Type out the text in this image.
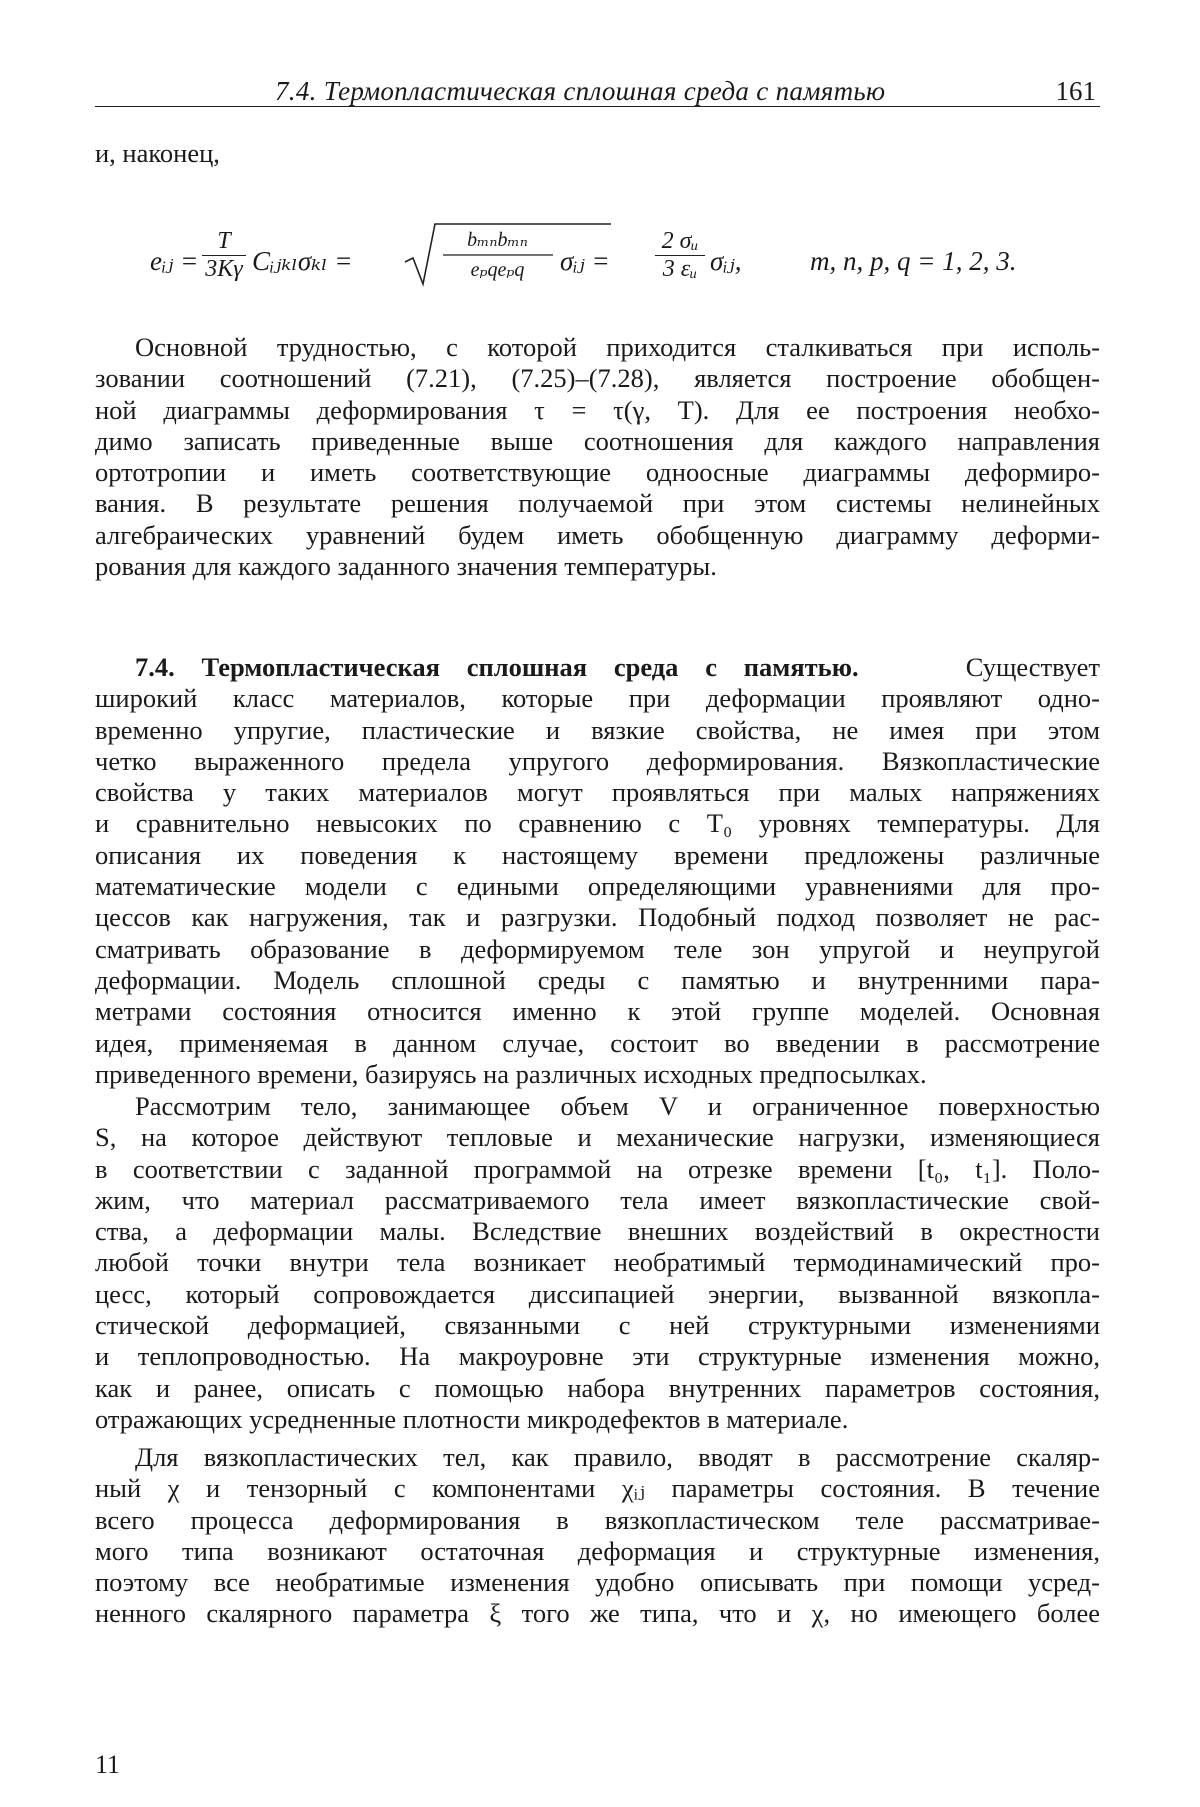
7.4. Термопластическая сплошная среда с памятью	161

и, наконец,

eᵢⱼ = $\frac{T}{3K\gamma}$ Cᵢⱼₖₗσₖₗ =
bₘₙbₘₙ
eₚqeₚq	σᵢⱼ = $\frac{\text{2 σᵤ}}{\text{3 εᵤ}}$ σᵢⱼ,	m, n, p, q = 1, 2, 3.
Основной трудностью, с которой приходится сталкиваться при исполь-
зовании соотношений (7.21), (7.25)–(7.28), является построение обобщен-
ной диаграммы деформирования τ = τ(γ, T). Для ее построения необхо-
димо записать приведенные выше соотношения для каждого направления
ортотропии и иметь соответствующие одноосные диаграммы деформиро-
вания. В результате решения получаемой при этом системы нелинейных
алгебраических уравнений будем иметь обобщенную диаграмму деформи-
рования для каждого заданного значения температуры.
7.4. Термопластическая сплошная среда с памятью.	Существует
широкий класс материалов, которые при деформации проявляют одно-
временно упругие, пластические и вязкие свойства, не имея при этом
четко выраженного предела упругого деформирования. Вязкопластические
свойства у таких материалов могут проявляться при малых напряжениях
и сравнительно невысоких по сравнению с T₀ уровнях температуры. Для
описания их поведения к настоящему времени предложены различные
математические модели с едиными определяющими уравнениями для про-
цессов как нагружения, так и разгрузки. Подобный подход позволяет не рас-
сматривать образование в деформируемом теле зон упругой и неупругой
деформации. Модель сплошной среды с памятью и внутренними пара-
метрами состояния относится именно к этой группе моделей. Основная
идея, применяемая в данном случае, состоит во введении в рассмотрение
приведенного времени, базируясь на различных исходных предпосылках.
Рассмотрим тело, занимающее объем V и ограниченное поверхностью
S, на которое действуют тепловые и механические нагрузки, изменяющиеся
в соответствии с заданной программой на отрезке времени [t₀, t₁]. Поло-
жим, что материал рассматриваемого тела имеет вязкопластические свой-
ства, а деформации малы. Вследствие внешних воздействий в окрестности
любой точки внутри тела возникает необратимый термодинамический про-
цесс, который сопровождается диссипацией энергии, вызванной вязкопла-
стической деформацией, связанными с ней структурными изменениями
и теплопроводностью. На макроуровне эти структурные изменения можно,
как и ранее, описать с помощью набора внутренних параметров состояния,
отражающих усредненные плотности микродефектов в материале.
Для вязкопластических тел, как правило, вводят в рассмотрение скаляр-
ный χ и тензорный с компонентами χᵢⱼ параметры состояния. В течение
всего процесса деформирования в вязкопластическом теле рассматривае-
мого типа возникают остаточная деформация и структурные изменения,
поэтому все необратимые изменения удобно описывать при помощи усред-
ненного скалярного параметра ξ того же типа, что и χ, но имеющего более
11
